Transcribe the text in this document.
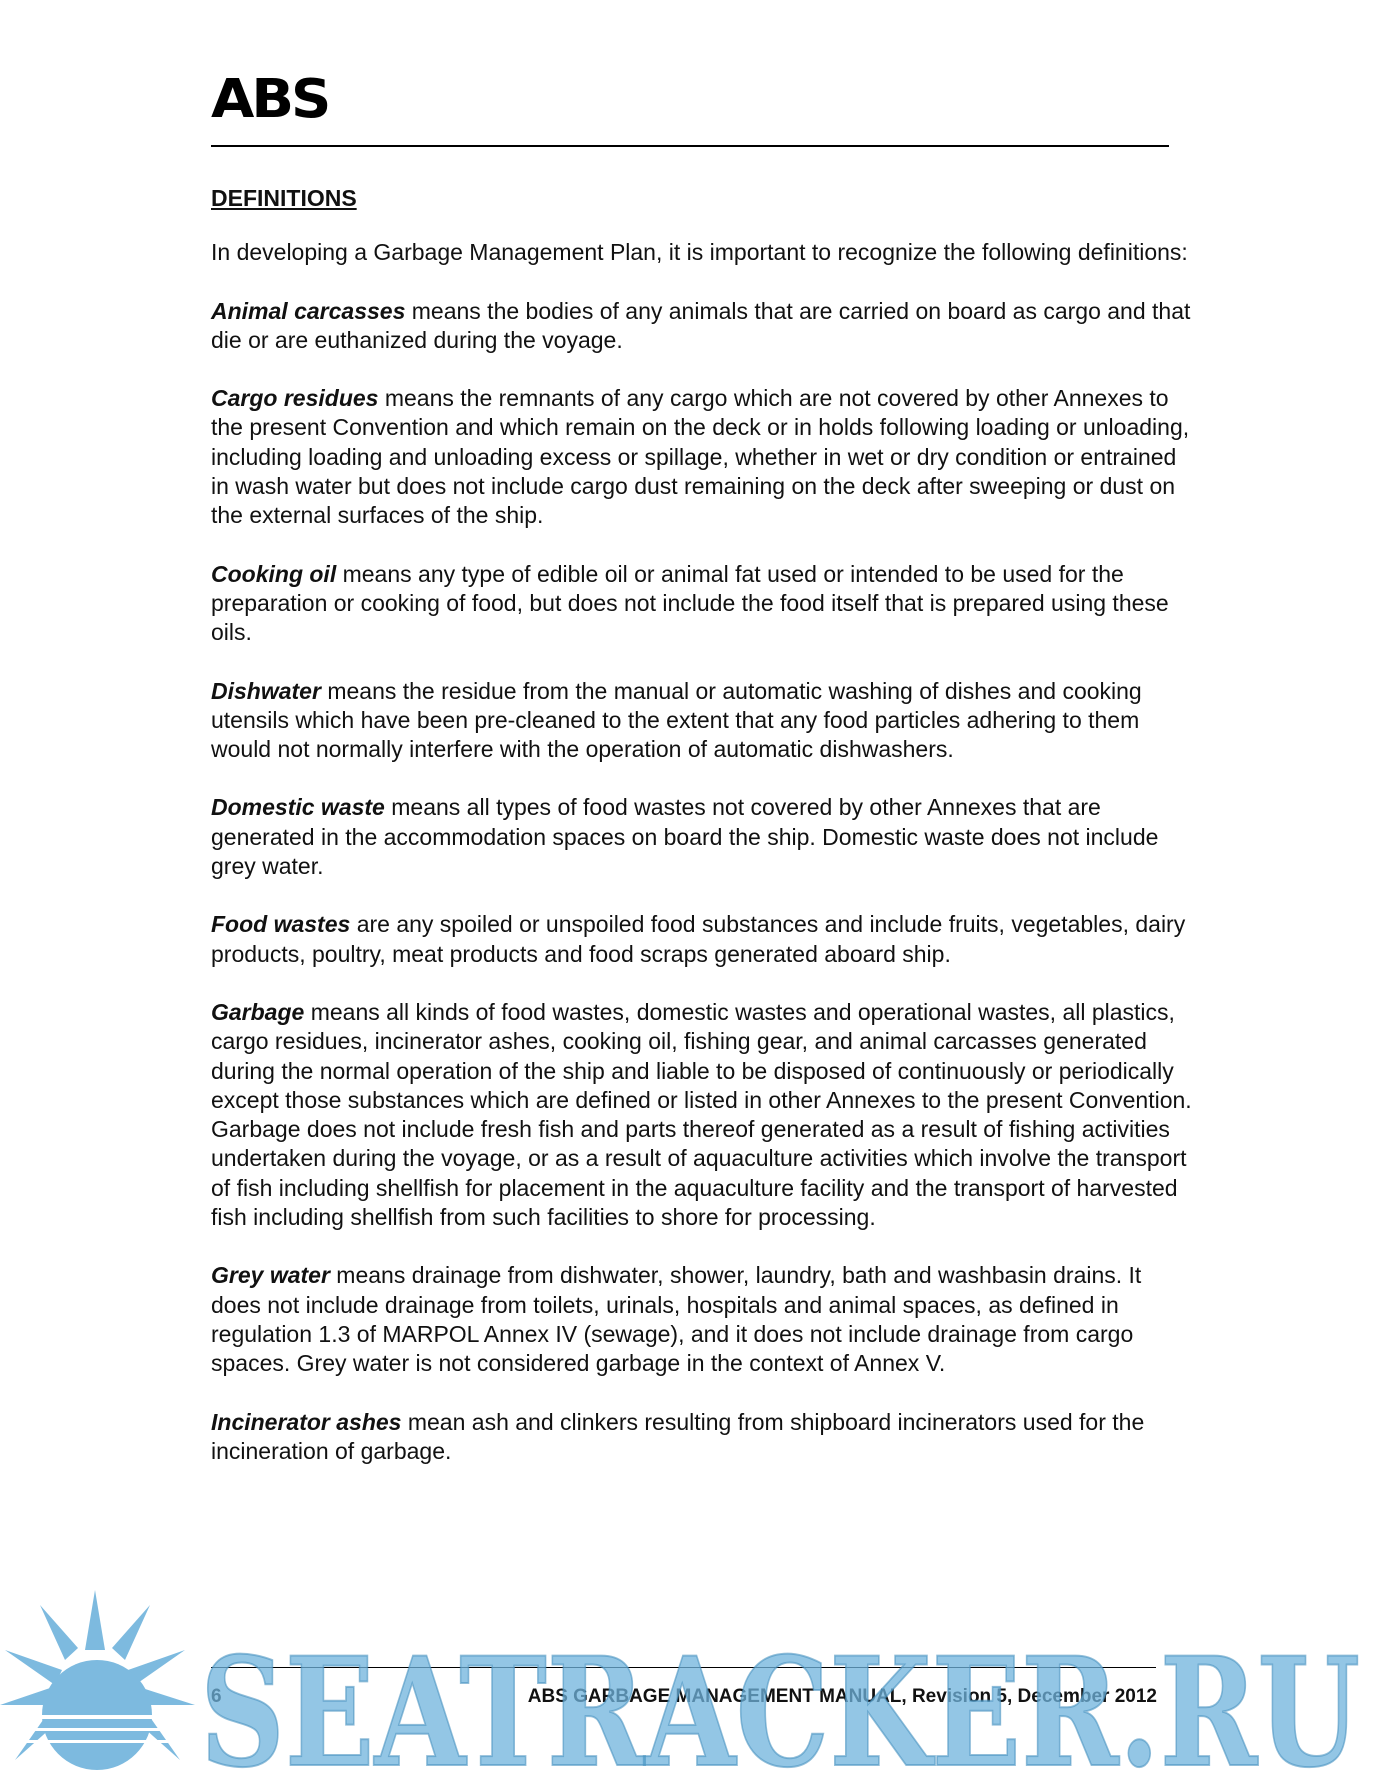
ABS
DEFINITIONS
In developing a Garbage Management Plan, it is important to recognize the following definitions:
Animal carcasses means the bodies of any animals that are carried on board as cargo and that die or are euthanized during the voyage.
Cargo residues means the remnants of any cargo which are not covered by other Annexes to the present Convention and which remain on the deck or in holds following loading or unloading, including loading and unloading excess or spillage, whether in wet or dry condition or entrained in wash water but does not include cargo dust remaining on the deck after sweeping or dust on the external surfaces of the ship.
Cooking oil means any type of edible oil or animal fat used or intended to be used for the preparation or cooking of food, but does not include the food itself that is prepared using these oils.
Dishwater means the residue from the manual or automatic washing of dishes and cooking utensils which have been pre-cleaned to the extent that any food particles adhering to them would not normally interfere with the operation of automatic dishwashers.
Domestic waste means all types of food wastes not covered by other Annexes that are generated in the accommodation spaces on board the ship. Domestic waste does not include grey water.
Food wastes are any spoiled or unspoiled food substances and include fruits, vegetables, dairy products, poultry, meat products and food scraps generated aboard ship.
Garbage means all kinds of food wastes, domestic wastes and operational wastes, all plastics, cargo residues, incinerator ashes, cooking oil, fishing gear, and animal carcasses generated during the normal operation of the ship and liable to be disposed of continuously or periodically except those substances which are defined or listed in other Annexes to the present Convention. Garbage does not include fresh fish and parts thereof generated as a result of fishing activities undertaken during the voyage, or as a result of aquaculture activities which involve the transport of fish including shellfish for placement in the aquaculture facility and the transport of harvested fish including shellfish from such facilities to shore for processing.
Grey water means drainage from dishwater, shower, laundry, bath and washbasin drains. It does not include drainage from toilets, urinals, hospitals and animal spaces, as defined in regulation 1.3 of MARPOL Annex IV (sewage), and it does not include drainage from cargo spaces. Grey water is not considered garbage in the context of Annex V.
Incinerator ashes mean ash and clinkers resulting from shipboard incinerators used for the incineration of garbage.
6	ABS GARBAGE MANAGEMENT MANUAL, Revision 5, December 2012
SEATRACKER.RU
